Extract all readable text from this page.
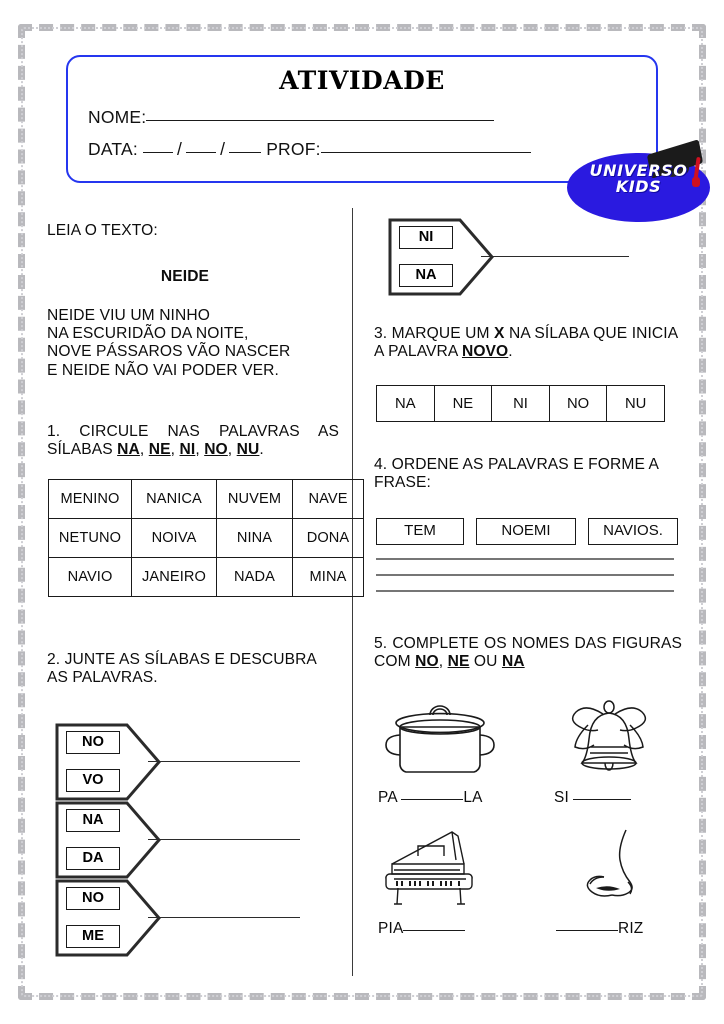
ATIVIDADE
NOME:
DATA: / / PROF:
UNIVERSO
KIDS
LEIA O TEXTO:
NEIDE
NEIDE VIU UM NINHO
NA ESCURIDÃO DA NOITE,
NOVE PÁSSAROS VÃO NASCER
E NEIDE NÃO VAI PODER VER.
1. CIRCULE NAS PALAVRAS AS SÍLABAS NA, NE, NI, NO, NU.
MENINO	NANICA	NUVEM	NAVE
NETUNO	NOIVA	NINA	DONA
NAVIO	JANEIRO	NADA	MINA
2. JUNTE AS SÍLABAS E DESCUBRA AS PALAVRAS.
NO
VO
NA
DA
NO
ME
NI
NA
3. MARQUE UM X NA SÍLABA QUE INICIA A PALAVRA NOVO.
NA	NE	NI	NO	NU
4. ORDENE AS PALAVRAS E FORME A FRASE:
TEM	NOEMI	NAVIOS.
5. COMPLETE OS NOMES DAS FIGURAS COM NO, NE OU NA
PA	LA	SI
PIA	RIZ
